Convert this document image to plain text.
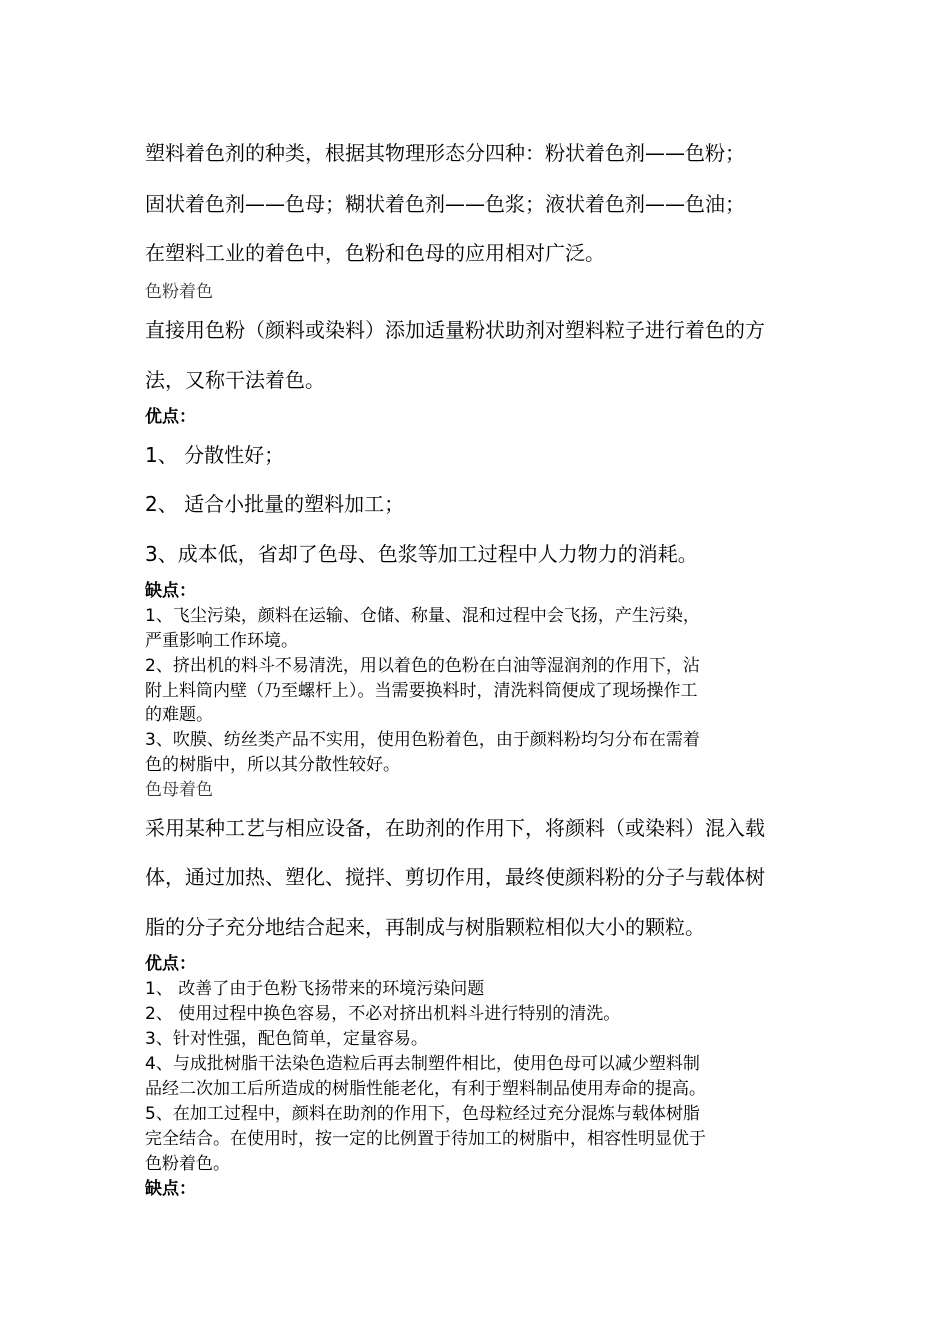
塑料着色剂的种类，根据其物理形态分四种：粉状着色剂——色粉；
固状着色剂——色母；糊状着色剂——色浆；液状着色剂——色油；
在塑料工业的着色中，色粉和色母的应用相对广泛。
色粉着色
直接用色粉（颜料或染料）添加适量粉状助剂对塑料粒子进行着色的方
法，又称干法着色。
优点：
1、 分散性好；
2、 适合小批量的塑料加工；
3、成本低，省却了色母、色浆等加工过程中人力物力的消耗。
缺点：
1、飞尘污染，颜料在运输、仓储、称量、混和过程中会飞扬，产生污染，
严重影响工作环境。
2、挤出机的料斗不易清洗，用以着色的色粉在白油等湿润剂的作用下，沾
附上料筒内壁（乃至螺杆上）。当需要换料时，清洗料筒便成了现场操作工
的难题。
3、吹膜、纺丝类产品不实用，使用色粉着色，由于颜料粉均匀分布在需着
色的树脂中，所以其分散性较好。
色母着色
采用某种工艺与相应设备，在助剂的作用下，将颜料（或染料）混入载
体，通过加热、塑化、搅拌、剪切作用，最终使颜料粉的分子与载体树
脂的分子充分地结合起来，再制成与树脂颗粒相似大小的颗粒。
优点：
1、 改善了由于色粉飞扬带来的环境污染问题
2、 使用过程中换色容易，不必对挤出机料斗进行特别的清洗。
3、针对性强，配色简单，定量容易。
4、与成批树脂干法染色造粒后再去制塑件相比，使用色母可以减少塑料制
品经二次加工后所造成的树脂性能老化，有利于塑料制品使用寿命的提高。
5、在加工过程中，颜料在助剂的作用下，色母粒经过充分混炼与载体树脂
完全结合。在使用时，按一定的比例置于待加工的树脂中，相容性明显优于
色粉着色。
缺点：
